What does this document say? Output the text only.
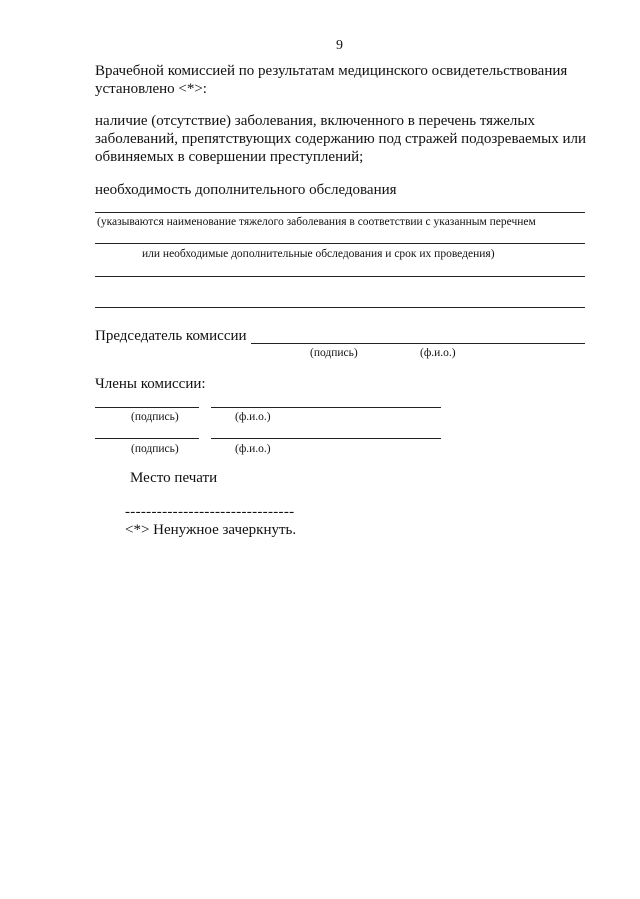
9
Врачебной комиссией по результатам медицинского освидетельствования
установлено <*>:
наличие (отсутствие) заболевания, включенного в перечень тяжелых
заболеваний, препятствующих содержанию под стражей подозреваемых или
обвиняемых в совершении преступлений;
необходимость дополнительного обследования
(указываются наименование тяжелого заболевания в соответствии с указанным перечнем
или необходимые дополнительные обследования и срок их проведения)
Председатель комиссии
(подпись)	(ф.и.о.)
Члены комиссии:
(подпись)	(ф.и.о.)
(подпись)	(ф.и.о.)
Место печати
--------------------------------
<*> Ненужное зачеркнуть.
